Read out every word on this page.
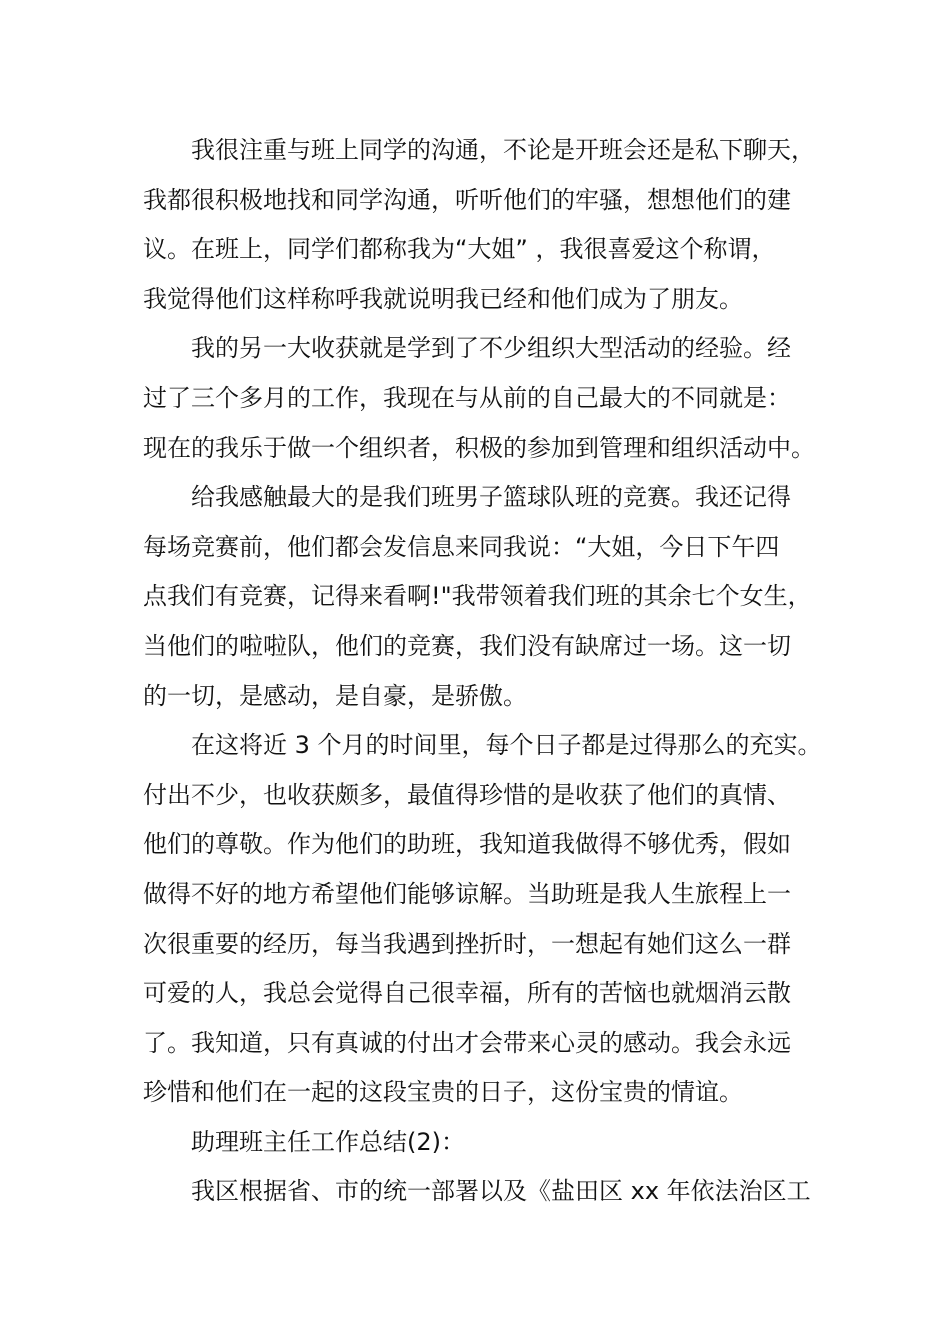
我很注重与班上同学的沟通，不论是开班会还是私下聊天，
我都很积极地找和同学沟通，听听他们的牢骚，想想他们的建
议。在班上，同学们都称我为“大姐” ，我很喜爱这个称谓，
我觉得他们这样称呼我就说明我已经和他们成为了朋友。
我的另一大收获就是学到了不少组织大型活动的经验。经
过了三个多月的工作，我现在与从前的自己最大的不同就是：
现在的我乐于做一个组织者，积极的参加到管理和组织活动中。
给我感触最大的是我们班男子篮球队班的竞赛。我还记得
每场竞赛前，他们都会发信息来同我说：“大姐，今日下午四
点我们有竞赛，记得来看啊!"我带领着我们班的其余七个女生，
当他们的啦啦队，他们的竞赛，我们没有缺席过一场。这一切
的一切，是感动，是自豪，是骄傲。
在这将近 3 个月的时间里，每个日子都是过得那么的充实。
付出不少，也收获颇多，最值得珍惜的是收获了他们的真情、
他们的尊敬。作为他们的助班，我知道我做得不够优秀，假如
做得不好的地方希望他们能够谅解。当助班是我人生旅程上一
次很重要的经历，每当我遇到挫折时，一想起有她们这么一群
可爱的人，我总会觉得自己很幸福，所有的苦恼也就烟消云散
了。我知道，只有真诚的付出才会带来心灵的感动。我会永远
珍惜和他们在一起的这段宝贵的日子，这份宝贵的情谊。
助理班主任工作总结(2)：
我区根据省、市的统一部署以及《盐田区 xx 年依法治区工
